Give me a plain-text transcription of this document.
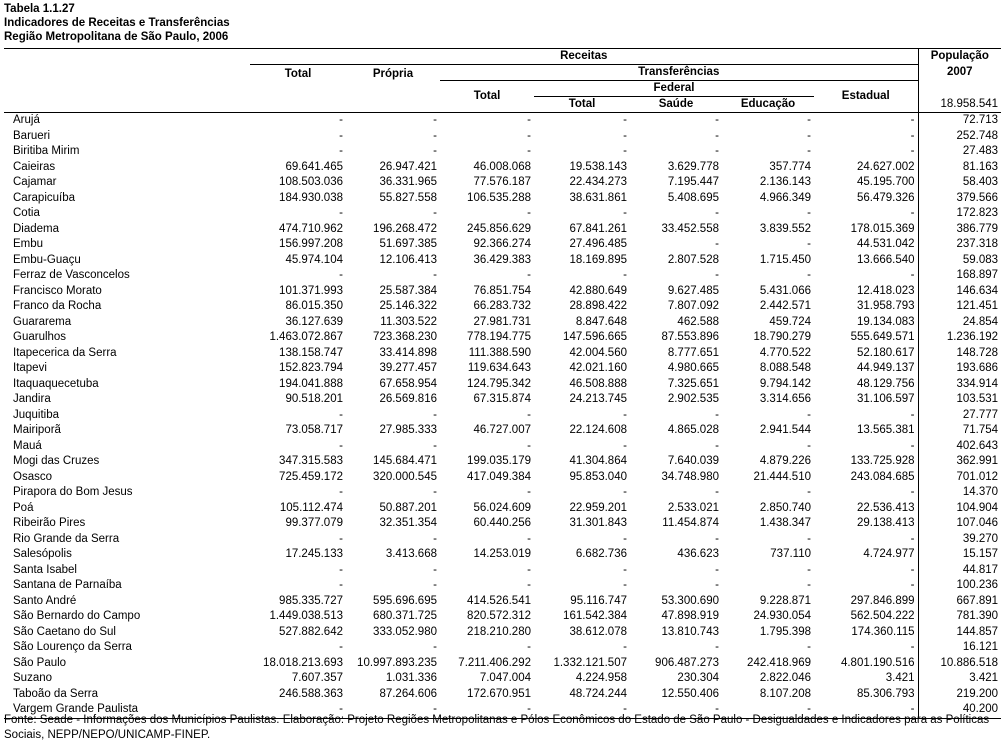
Tabela 1.1.27
Indicadores de Receitas e Transferências
Região Metropolitana de São Paulo, 2006
	Receitas							População
	Total	Própria	Transferências					2007
			Total	Federal			Estadual	
				Total	Saúde	Educação		18.958.541
Arujá	-	-	-	-	-	-	-	72.713
Barueri	-	-	-	-	-	-	-	252.748
Biritiba Mirim	-	-	-	-	-	-	-	27.483
Caieiras	69.641.465	26.947.421	46.008.068	19.538.143	3.629.778	357.774	24.627.002	81.163
Cajamar	108.503.036	36.331.965	77.576.187	22.434.273	7.195.447	2.136.143	45.195.700	58.403
Carapicuíba	184.930.038	55.827.558	106.535.288	38.631.861	5.408.695	4.966.349	56.479.326	379.566
Cotia	-	-	-	-	-	-	-	172.823
Diadema	474.710.962	196.268.472	245.856.629	67.841.261	33.452.558	3.839.552	178.015.369	386.779
Embu	156.997.208	51.697.385	92.366.274	27.496.485	-	-	44.531.042	237.318
Embu-Guaçu	45.974.104	12.106.413	36.429.383	18.169.895	2.807.528	1.715.450	13.666.540	59.083
Ferraz de Vasconcelos	-	-	-	-	-	-	-	168.897
Francisco Morato	101.371.993	25.587.384	76.851.754	42.880.649	9.627.485	5.431.066	12.418.023	146.634
Franco da Rocha	86.015.350	25.146.322	66.283.732	28.898.422	7.807.092	2.442.571	31.958.793	121.451
Guararema	36.127.639	11.303.522	27.981.731	8.847.648	462.588	459.724	19.134.083	24.854
Guarulhos	1.463.072.867	723.368.230	778.194.775	147.596.665	87.553.896	18.790.279	555.649.571	1.236.192
Itapecerica da Serra	138.158.747	33.414.898	111.388.590	42.004.560	8.777.651	4.770.522	52.180.617	148.728
Itapevi	152.823.794	39.277.457	119.634.643	42.021.160	4.980.665	8.088.548	44.949.137	193.686
Itaquaquecetuba	194.041.888	67.658.954	124.795.342	46.508.888	7.325.651	9.794.142	48.129.756	334.914
Jandira	90.518.201	26.569.816	67.315.874	24.213.745	2.902.535	3.314.656	31.106.597	103.531
Juquitiba	-	-	-	-	-	-	-	27.777
Mairiporã	73.058.717	27.985.333	46.727.007	22.124.608	4.865.028	2.941.544	13.565.381	71.754
Mauá	-	-	-	-	-	-	-	402.643
Mogi das Cruzes	347.315.583	145.684.471	199.035.179	41.304.864	7.640.039	4.879.226	133.725.928	362.991
Osasco	725.459.172	320.000.545	417.049.384	95.853.040	34.748.980	21.444.510	243.084.685	701.012
Pirapora do Bom Jesus	-	-	-	-	-	-	-	14.370
Poá	105.112.474	50.887.201	56.024.609	22.959.201	2.533.021	2.850.740	22.536.413	104.904
Ribeirão Pires	99.377.079	32.351.354	60.440.256	31.301.843	11.454.874	1.438.347	29.138.413	107.046
Rio Grande da Serra	-	-	-	-	-	-	-	39.270
Salesópolis	17.245.133	3.413.668	14.253.019	6.682.736	436.623	737.110	4.724.977	15.157
Santa Isabel	-	-	-	-	-	-	-	44.817
Santana de Parnaíba	-	-	-	-	-	-	-	100.236
Santo André	985.335.727	595.696.695	414.526.541	95.116.747	53.300.690	9.228.871	297.846.899	667.891
São Bernardo do Campo	1.449.038.513	680.371.725	820.572.312	161.542.384	47.898.919	24.930.054	562.504.222	781.390
São Caetano do Sul	527.882.642	333.052.980	218.210.280	38.612.078	13.810.743	1.795.398	174.360.115	144.857
São Lourenço da Serra	-	-	-	-	-	-	-	16.121
São Paulo	18.018.213.693	10.997.893.235	7.211.406.292	1.332.121.507	906.487.273	242.418.969	4.801.190.516	10.886.518
Suzano	7.607.357	1.031.336	7.047.004	4.224.958	230.304	2.822.046	3.421	3.421
Taboão da Serra	246.588.363	87.264.606	172.670.951	48.724.244	12.550.406	8.107.208	85.306.793	219.200
Vargem Grande Paulista	-	-	-	-	-	-	-	40.200
Fonte: Seade - Informações dos Municípios Paulistas. Elaboração: Projeto Regiões Metropolitanas e Pólos Econômicos do Estado de São Paulo - Desigualdades e Indicadores para as Políticas Sociais, NEPP/NEPO/UNICAMP-FINEP.
